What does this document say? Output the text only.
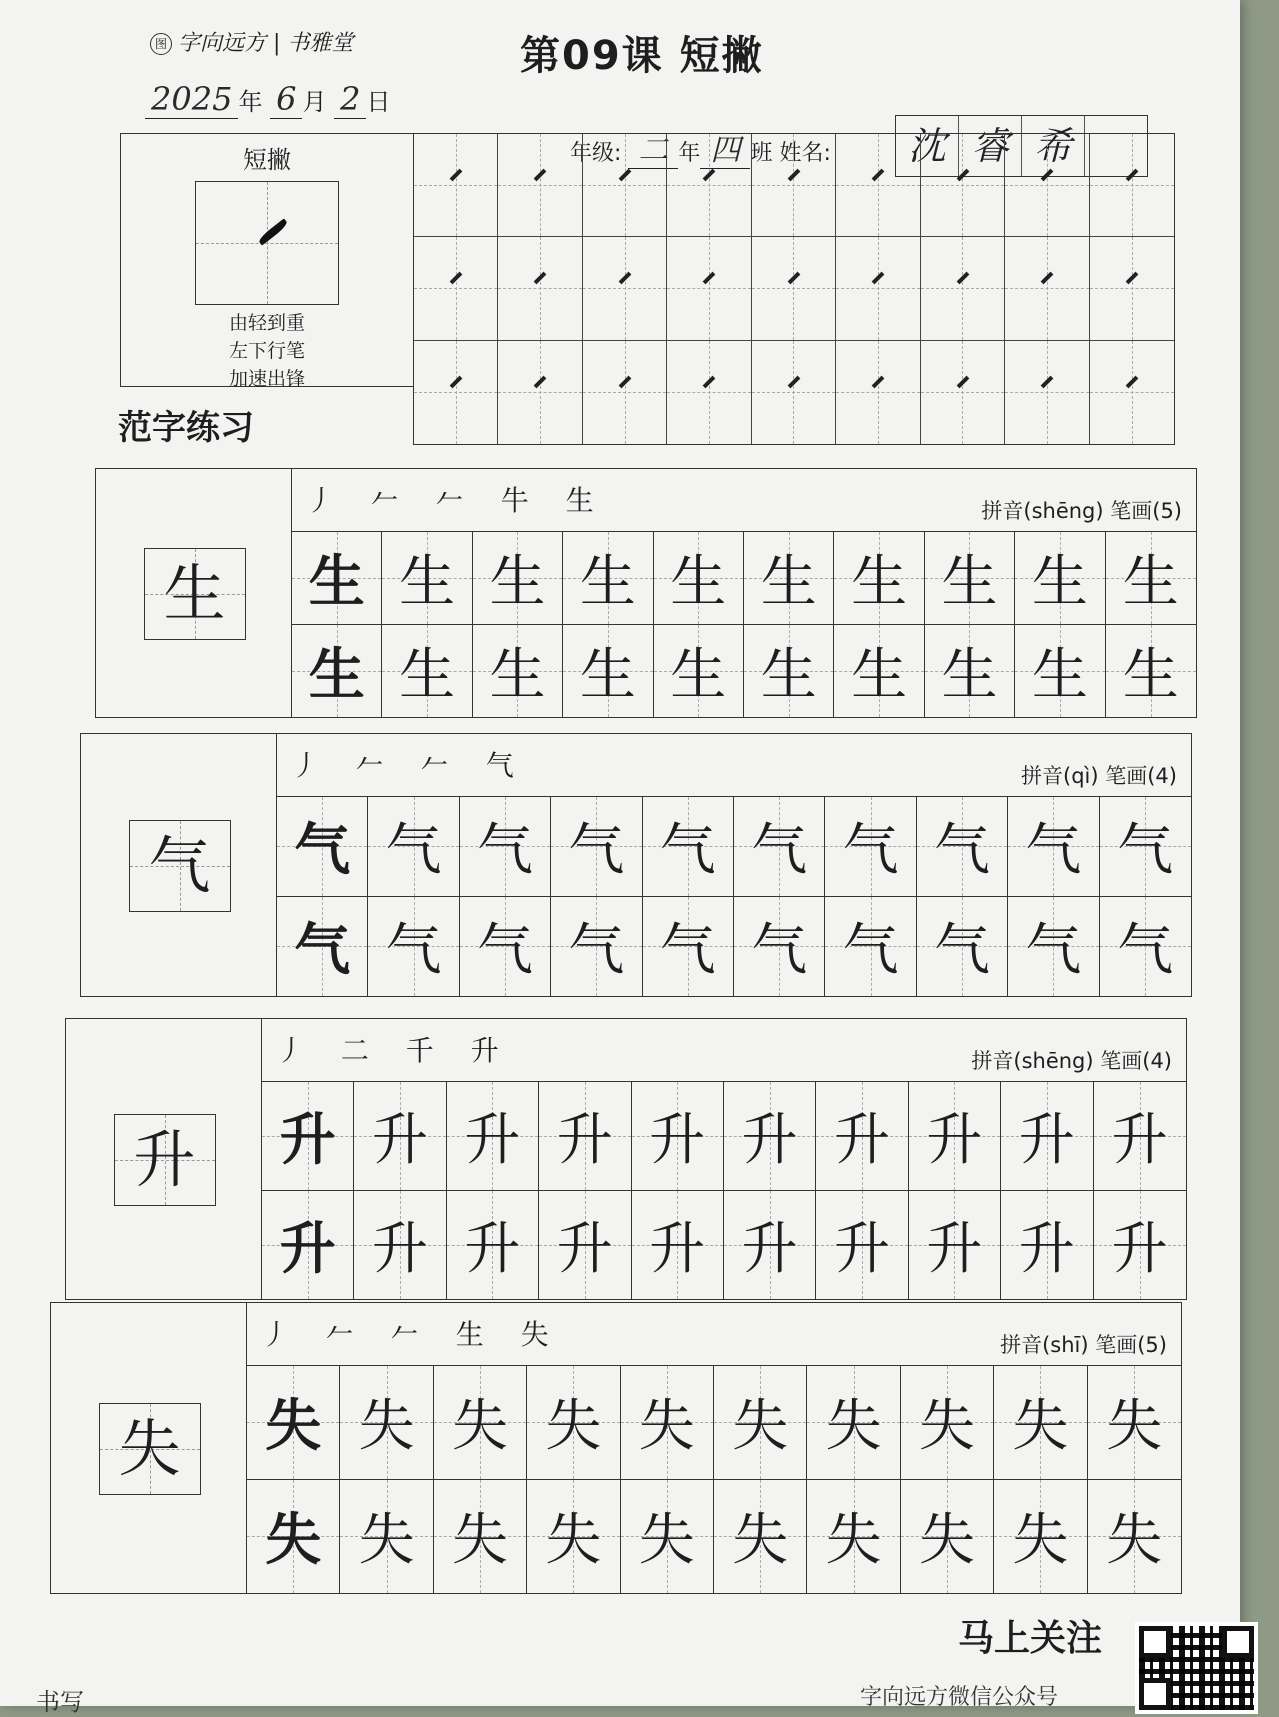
图 字向远方 | 书雅堂	第09课 短撇
2025 年 6 月 2 日
年级: 二 年 四 班 姓名:	沈 睿 希
短撇
由轻到重
左下行笔
加速出锋
范字练习
生
丿 𠂉 𠂉 牛 生	拼音(shēng) 笔画(5)
生 生 生 生 生 生 生 生 生 生
生 生 生 生 生 生 生 生 生 生
气
丿 𠂉 𠂉 气	拼音(qì) 笔画(4)
气 气 气 气 气 气 气 气 气 气
气 气 气 气 气 气 气 气 气 气
升
丿 二 千 升	拼音(shēng) 笔画(4)
升 升 升 升 升 升 升 升 升 升
升 升 升 升 升 升 升 升 升 升
失
丿 𠂉 𠂉 生 失	拼音(shī) 笔画(5)
失 失 失 失 失 失 失 失 失 失
失 失 失 失 失 失 失 失 失 失
书写
马上关注
字向远方微信公众号
